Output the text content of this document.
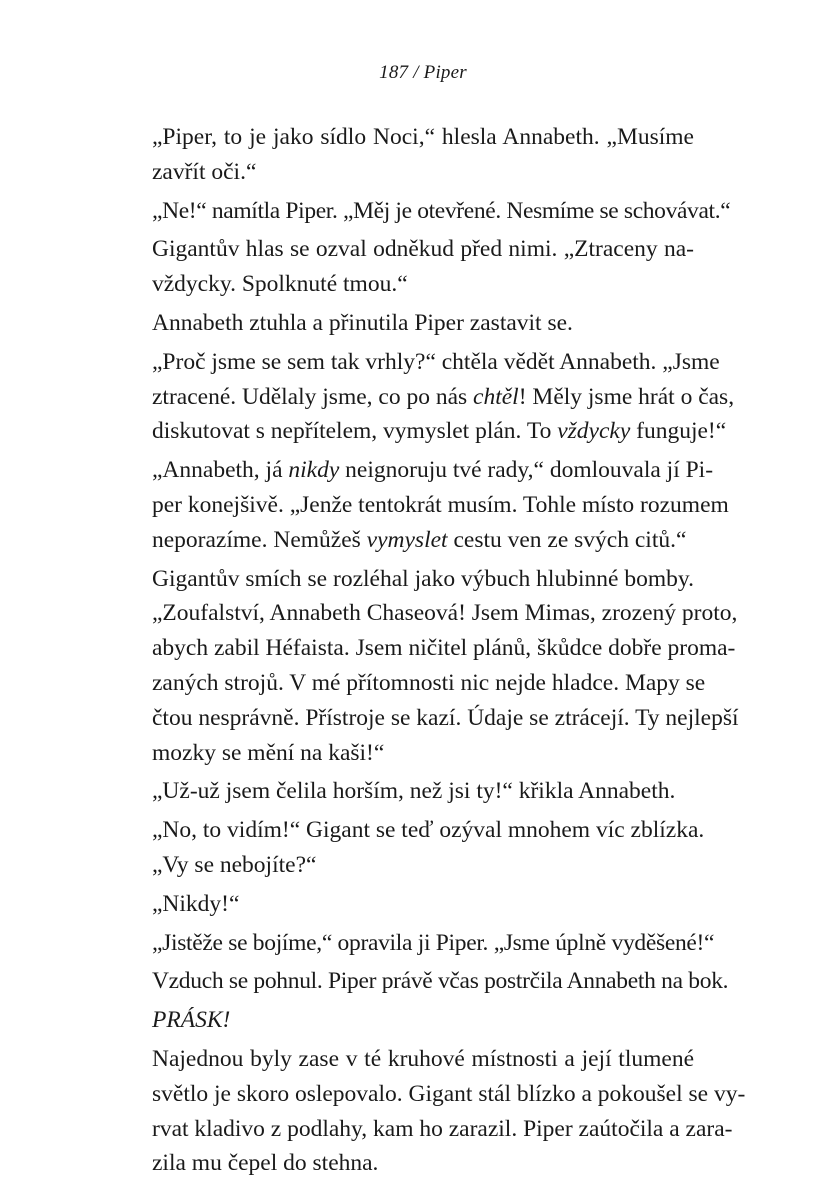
187 / Piper
„Piper, to je jako sídlo Noci,“ hlesla Annabeth. „Musíme
zavřít oči.“
„Ne!“ namítla Piper. „Měj je otevřené. Nesmíme se schovávat.“
Gigantův hlas se ozval odněkud před nimi. „Ztraceny na-
vždycky. Spolknuté tmou.“
Annabeth ztuhla a přinutila Piper zastavit se.
„Proč jsme se sem tak vrhly?“ chtěla vědět Annabeth. „Jsme
ztracené. Udělaly jsme, co po nás chtěl! Měly jsme hrát o čas,
diskutovat s nepřítelem, vymyslet plán. To vždycky funguje!“
„Annabeth, já nikdy neignoruju tvé rady,“ domlouvala jí Pi-
per konejšivě. „Jenže tentokrát musím. Tohle místo rozumem
neporazíme. Nemůžeš vymyslet cestu ven ze svých citů.“
Gigantův smích se rozléhal jako výbuch hlubinné bomby.
„Zoufalství, Annabeth Chaseová! Jsem Mimas, zrozený proto,
abych zabil Héfaista. Jsem ničitel plánů, škůdce dobře proma-
zaných strojů. V mé přítomnosti nic nejde hladce. Mapy se
čtou nesprávně. Přístroje se kazí. Údaje se ztrácejí. Ty nejlepší
mozky se mění na kaši!“
„Už-už jsem čelila horším, než jsi ty!“ křikla Annabeth.
„No, to vidím!“ Gigant se teď ozýval mnohem víc zblízka.
„Vy se nebojíte?“
„Nikdy!“
„Jistěže se bojíme,“ opravila ji Piper. „Jsme úplně vyděšené!“
Vzduch se pohnul. Piper právě včas postrčila Annabeth na bok.
PRÁSK!
Najednou byly zase v té kruhové místnosti a její tlumené
světlo je skoro oslepovalo. Gigant stál blízko a pokoušel se vy-
rvat kladivo z podlahy, kam ho zarazil. Piper zaútočila a zara-
zila mu čepel do stehna.
